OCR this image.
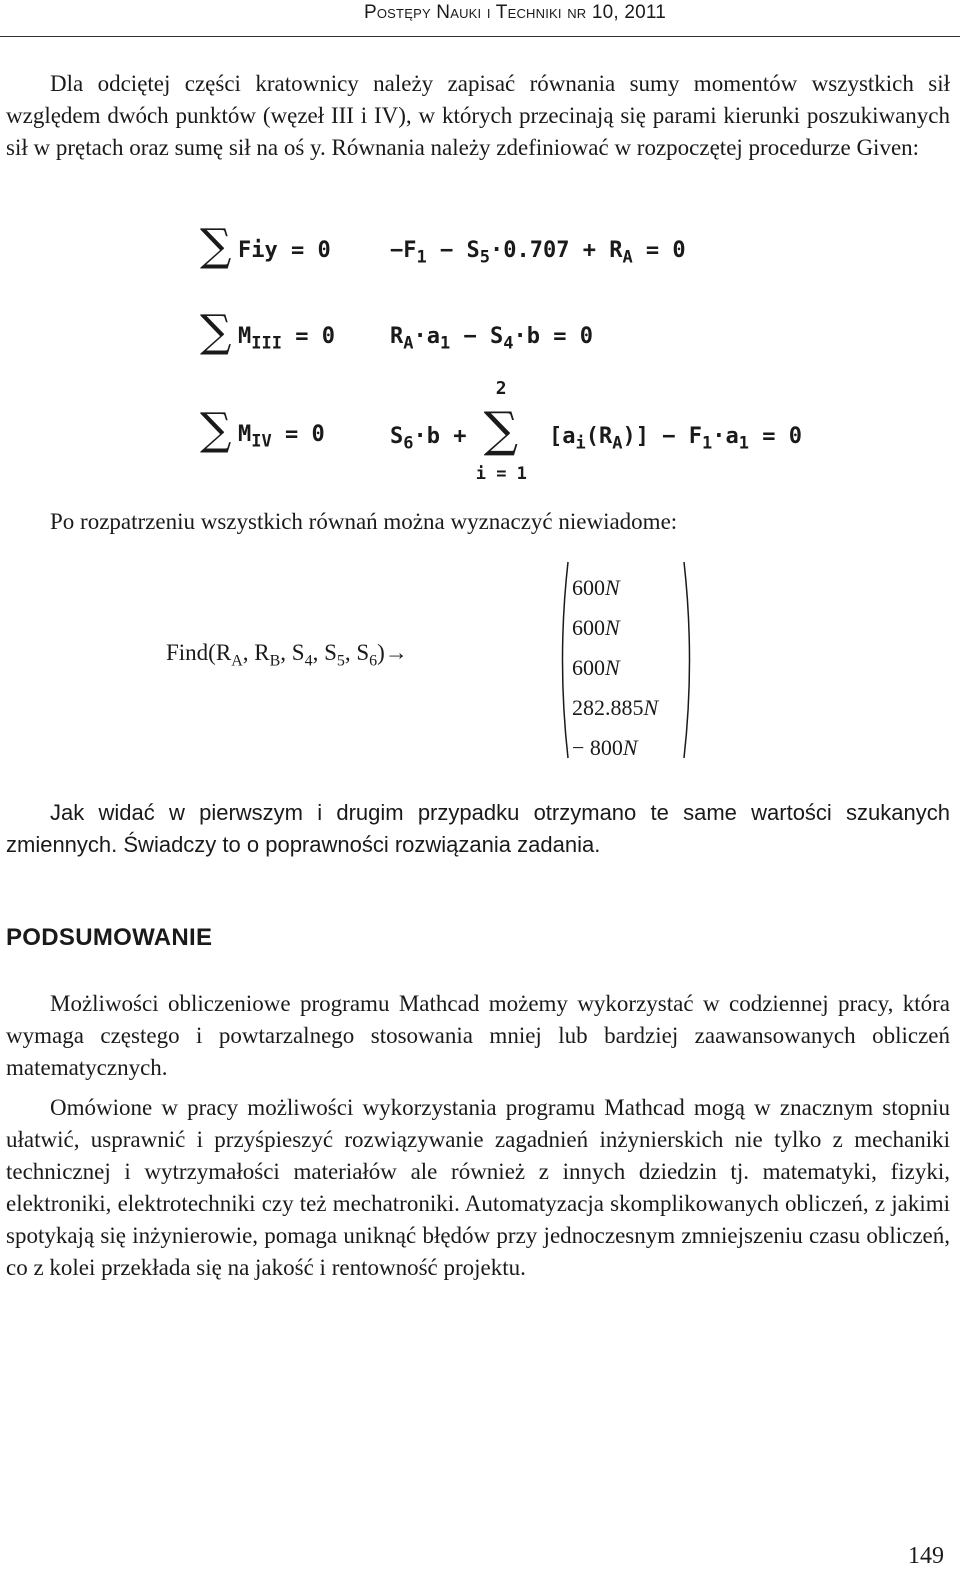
Postępy Nauki i Techniki nr 10, 2011
Dla odciętej części kratownicy należy zapisać równania sumy momentów wszystkich sił względem dwóch punktów (węzeł III i IV), w których przecinają się parami kierunki poszukiwanych sił w prętach oraz sumę sił na oś y. Równania należy zdefiniować w rozpoczętej procedurze Given:
∑ Fiy = 0	$-F_1 - S_5\cdot 0.707 + R_A = 0$
∑ $M_{III} = 0$	$R_A\cdot a_1 - S_4\cdot b = 0$
∑ $M_{IV} = 0$	$S_6\cdot b$ +
2
∑
i = 1
$[a_i(R_A)] - F_1\cdot a_1 = 0$
Po rozpatrzeniu wszystkich równań można wyznaczyć niewiadome:
$Find(R_A$, $R_B$, $S_4$, $S_5$, $S_6)\to$
600N
600N
600N
282.885N
− 800N
Jak widać w pierwszym i drugim przypadku otrzymano te same wartości szukanych zmiennych. Świadczy to o poprawności rozwiązania zadania.
PODSUMOWANIE
Możliwości obliczeniowe programu Mathcad możemy wykorzystać w codziennej pracy, która wymaga częstego i powtarzalnego stosowania mniej lub bardziej zaawansowanych obliczeń matematycznych.
Omówione w pracy możliwości wykorzystania programu Mathcad mogą w znacznym stopniu ułatwić, usprawnić i przyśpieszyć rozwiązywanie zagadnień inżynierskich nie tylko z mechaniki technicznej i wytrzymałości materiałów ale również z innych dziedzin tj. matematyki, fizyki, elektroniki, elektrotechniki czy też mechatroniki. Automatyzacja skomplikowanych obliczeń, z jakimi spotykają się inżynierowie, pomaga uniknąć błędów przy jednoczesnym zmniejszeniu czasu obliczeń, co z kolei przekłada się na jakość i rentowność projektu.
149
